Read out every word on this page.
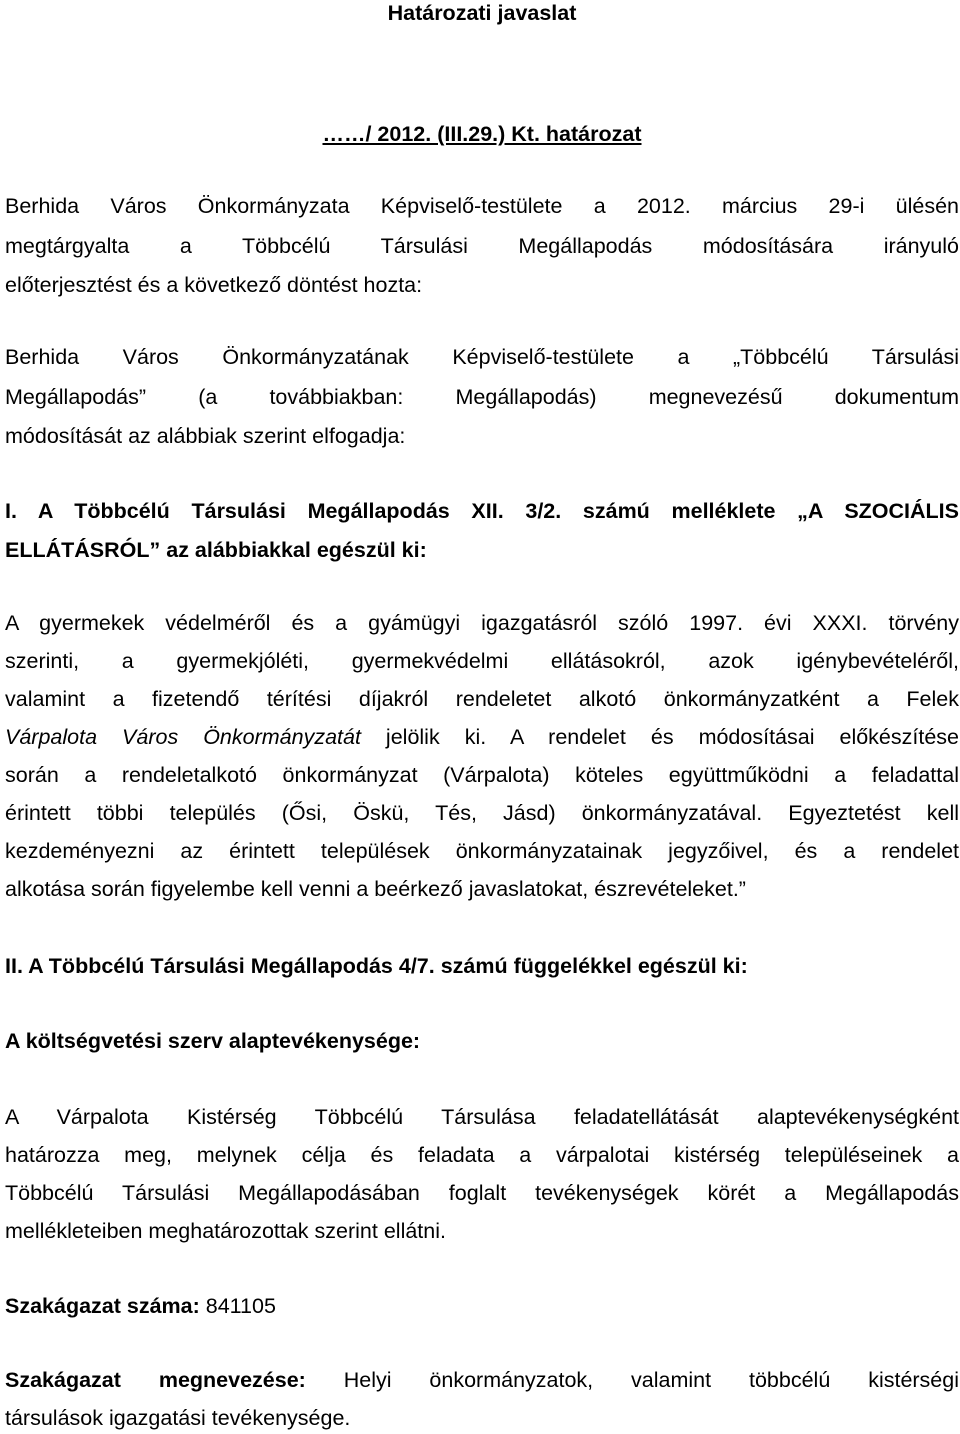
Határozati javaslat
……/ 2012. (III.29.) Kt. határozat
Berhida Város Önkormányzata Képviselő-testülete a 2012. március 29-i ülésén
megtárgyalta a Többcélú Társulási Megállapodás módosítására irányuló
előterjesztést és a következő döntést hozta:
Berhida Város Önkormányzatának Képviselő-testülete a „Többcélú Társulási
Megállapodás” (a továbbiakban: Megállapodás) megnevezésű dokumentum
módosítását az alábbiak szerint elfogadja:
I. A Többcélú Társulási Megállapodás XII. 3/2. számú melléklete „A SZOCIÁLIS
ELLÁTÁSRÓL” az alábbiakkal egészül ki:
A gyermekek védelméről és a gyámügyi igazgatásról szóló 1997. évi XXXI. törvény
szerinti, a gyermekjóléti, gyermekvédelmi ellátásokról, azok igénybevételéről,
valamint a fizetendő térítési díjakról rendeletet alkotó önkormányzatként a Felek
Várpalota Város Önkormányzatát jelölik ki. A rendelet és módosításai előkészítése
során a rendeletalkotó önkormányzat (Várpalota) köteles együttműködni a feladattal
érintett többi település (Ősi, Öskü, Tés, Jásd) önkormányzatával. Egyeztetést kell
kezdeményezni az érintett települések önkormányzatainak jegyzőivel, és a rendelet
alkotása során figyelembe kell venni a beérkező javaslatokat, észrevételeket.”
II. A Többcélú Társulási Megállapodás 4/7. számú függelékkel egészül ki:
A költségvetési szerv alaptevékenysége:
A Várpalota Kistérség Többcélú Társulása feladatellátását alaptevékenységként
határozza meg, melynek célja és feladata a várpalotai kistérség településeinek a
Többcélú Társulási Megállapodásában foglalt tevékenységek körét a Megállapodás
mellékleteiben meghatározottak szerint ellátni.
Szakágazat száma: 841105
Szakágazat megnevezése: Helyi önkormányzatok, valamint többcélú kistérségi
társulások igazgatási tevékenysége.
